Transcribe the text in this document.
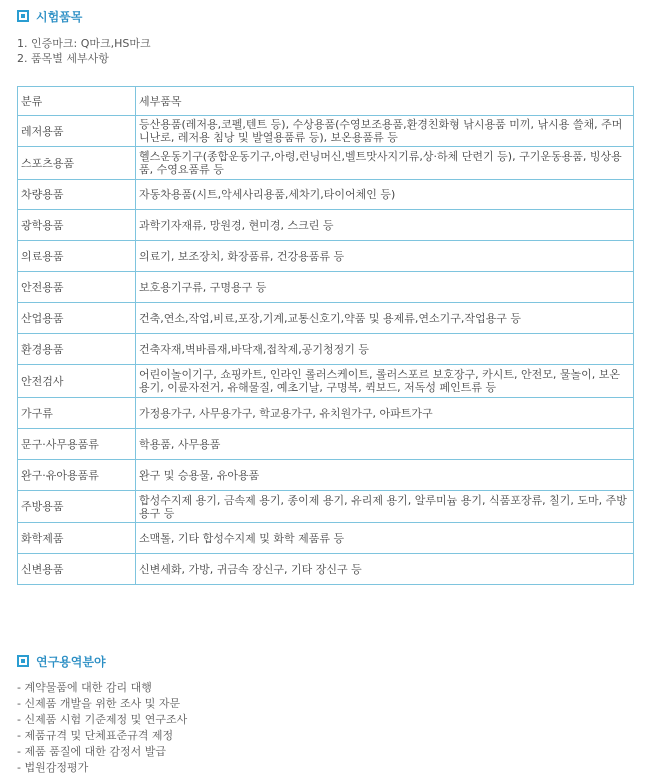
시험품목
1. 인증마크: Q마크,HS마크
2. 품목별 세부사항
분류	세부품목
레저용품	등산용품(레저용,코펠,텐트 등), 수상용품(수영보조용품,환경친화형 낚시용품 미끼, 낚시용 쓸채, 주머니난로, 레저용 침낭 및 발열용품류 등), 보온용품류 등
스포츠용품	헬스운동기구(종합운동기구,아령,런닝머신,벨트맛사지기류,상·하체 단련기 등), 구기운동용품, 빙상용품, 수영요품류 등
차량용품	자동차용품(시트,악세사리용품,세차기,타이어체인 등)
광학용품	과학기자재류, 망원경, 현미경, 스크린 등
의료용품	의료기, 보조장치, 화장품류, 건강용품류 등
안전용품	보호용기구류, 구명용구 등
산업용품	건축,연소,작업,비료,포장,기계,교통신호기,약품 및 용제류,연소기구,작업용구 등
환경용품	건축자재,벽바름재,바닥재,접착제,공기청정기 등
안전검사	어린이놀이기구, 쇼핑카트, 인라인 롤러스케이트, 롤러스포르 보호장구, 카시트, 안전모, 물놀이, 보온용기, 이륜자전거, 유해물질, 예초기날, 구명복, 퀵보드, 저독성 페인트류 등
가구류	가정용가구, 사무용가구, 학교용가구, 유치원가구, 아파트가구
문구·사무용품류	학용품, 사무용품
완구·유아용품류	완구 및 승용물, 유아용품
주방용품	합성수지제 용기, 금속제 용기, 종이제 용기, 유리제 용기, 알루미늄 용기, 식품포장류, 칠기, 도마, 주방용구 등
화학제품	소맥톨, 기타 합성수지제 및 화학 제품류 등
신변용품	신변세화, 가방, 귀금속 장신구, 기타 장신구 등
연구용역분야
- 계약물품에 대한 감리 대행
- 신제품 개발을 위한 조사 및 자문
- 신제품 시험 기준제정 및 연구조사
- 제품규격 및 단체표준규격 제정
- 제품 품질에 대한 감정서 발급
- 법원감정평가
